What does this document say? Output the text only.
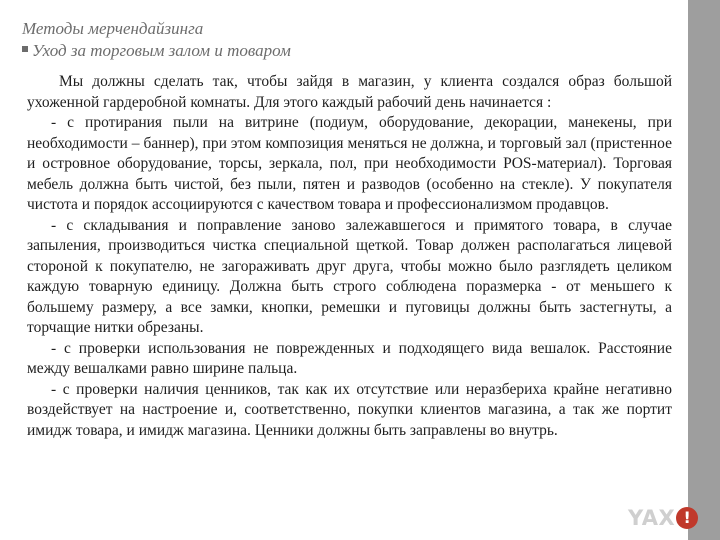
Методы мерчендайзинга
Уход за торговым залом и товаром

Мы должны сделать так, чтобы зайдя в магазин, у клиента создался образ большой ухоженной гардеробной комнаты. Для этого каждый рабочий день начинается :

- с протирания пыли на витрине (подиум, оборудование, декорации, манекены, при необходимости – баннер), при этом композиция меняться не должна, и торговый зал (пристенное и островное оборудование, торсы, зеркала, пол, при необходимости POS-материал). Торговая мебель должна быть чистой, без пыли, пятен и разводов (особенно на стекле). У покупателя чистота и порядок ассоциируются с качеством товара и профессионализмом продавцов.

- с складывания и поправление заново залежавшегося и примятого товара, в случае запыления, производиться чистка специальной щеткой. Товар должен располагаться лицевой стороной к покупателю, не загораживать друг друга, чтобы можно было разглядеть целиком каждую товарную единицу. Должна быть строго соблюдена поразмерка - от меньшего к большему размеру, а все замки, кнопки, ремешки и пуговицы должны быть застегнуты, а торчащие нитки обрезаны.

- с проверки использования не поврежденных и подходящего вида вешалок. Расстояние между вешалками равно ширине пальца.

- с проверки наличия ценников, так как их отсутствие или неразбериха крайне негативно воздействует на настроение и, соответственно, покупки клиентов магазина, а так же портит имидж товара, и имидж магазина. Ценники должны быть заправлены во внутрь.

YAX !
